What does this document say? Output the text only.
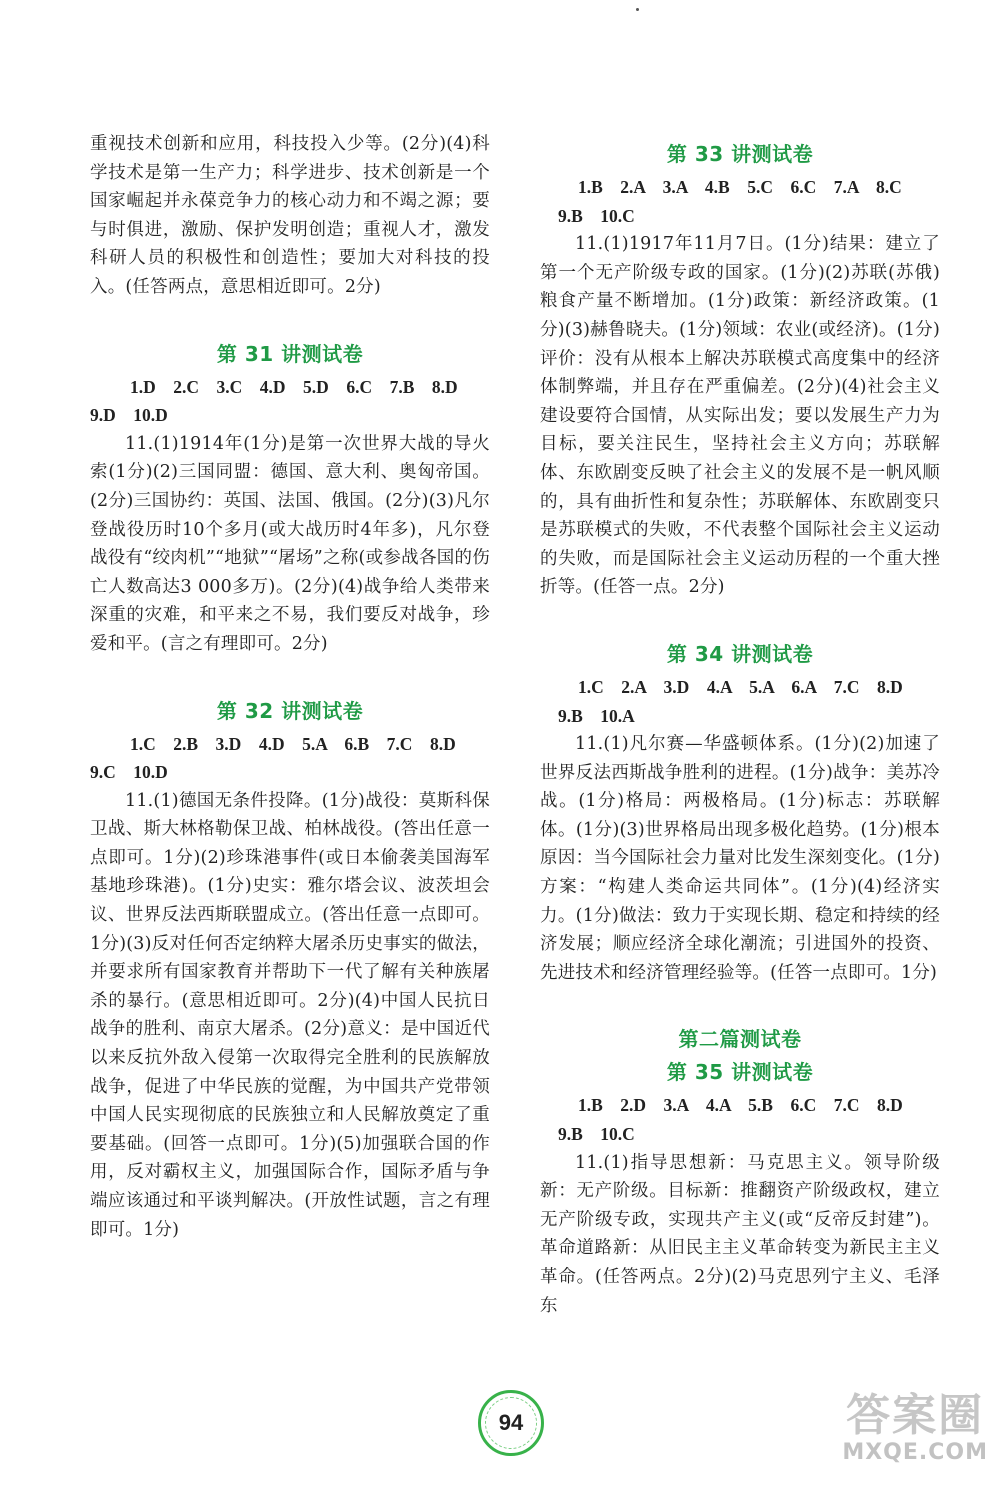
重视技术创新和应用，科技投入少等。(2分)(4)科学技术是第一生产力；科学进步、技术创新是一个国家崛起并永葆竞争力的核心动力和不竭之源；要与时俱进，激励、保护发明创造；重视人才，激发科研人员的积极性和创造性；要加大对科技的投入。(任答两点，意思相近即可。2分)

第 31 讲测试卷

1.D　2.C　3.C　4.D　5.D　6.C　7.B　8.D

9.D　10.D

11.(1)1914年(1分)是第一次世界大战的导火索(1分)(2)三国同盟：德国、意大利、奥匈帝国。(2分)三国协约：英国、法国、俄国。(2分)(3)凡尔登战役历时10个多月(或大战历时4年多)，凡尔登战役有“绞肉机”“地狱”“屠场”之称(或参战各国的伤亡人数高达3 000多万)。(2分)(4)战争给人类带来深重的灾难，和平来之不易，我们要反对战争，珍爱和平。(言之有理即可。2分)

第 32 讲测试卷

1.C　2.B　3.D　4.D　5.A　6.B　7.C　8.D

9.C　10.D

11.(1)德国无条件投降。(1分)战役：莫斯科保卫战、斯大林格勒保卫战、柏林战役。(答出任意一点即可。1分)(2)珍珠港事件(或日本偷袭美国海军基地珍珠港)。(1分)史实：雅尔塔会议、波茨坦会议、世界反法西斯联盟成立。(答出任意一点即可。1分)(3)反对任何否定纳粹大屠杀历史事实的做法，并要求所有国家教育并帮助下一代了解有关种族屠杀的暴行。(意思相近即可。2分)(4)中国人民抗日战争的胜利、南京大屠杀。(2分)意义：是中国近代以来反抗外敌入侵第一次取得完全胜利的民族解放战争，促进了中华民族的觉醒，为中国共产党带领中国人民实现彻底的民族独立和人民解放奠定了重要基础。(回答一点即可。1分)(5)加强联合国的作用，反对霸权主义，加强国际合作，国际矛盾与争端应该通过和平谈判解决。(开放性试题，言之有理即可。1分)

第 33 讲测试卷

1.B　2.A　3.A　4.B　5.C　6.C　7.A　8.C

9.B　10.C

11.(1)1917年11月7日。(1分)结果：建立了第一个无产阶级专政的国家。(1分)(2)苏联(苏俄)粮食产量不断增加。(1分)政策：新经济政策。(1分)(3)赫鲁晓夫。(1分)领域：农业(或经济)。(1分)评价：没有从根本上解决苏联模式高度集中的经济体制弊端，并且存在严重偏差。(2分)(4)社会主义建设要符合国情，从实际出发；要以发展生产力为目标，要关注民生，坚持社会主义方向；苏联解体、东欧剧变反映了社会主义的发展不是一帆风顺的，具有曲折性和复杂性；苏联解体、东欧剧变只是苏联模式的失败，不代表整个国际社会主义运动的失败，而是国际社会主义运动历程的一个重大挫折等。(任答一点。2分)

第 34 讲测试卷

1.C　2.A　3.D　4.A　5.A　6.A　7.C　8.D

9.B　10.A

11.(1)凡尔赛—华盛顿体系。(1分)(2)加速了世界反法西斯战争胜利的进程。(1分)战争：美苏冷战。(1分)格局：两极格局。(1分)标志：苏联解体。(1分)(3)世界格局出现多极化趋势。(1分)根本原因：当今国际社会力量对比发生深刻变化。(1分)方案：“构建人类命运共同体”。(1分)(4)经济实力。(1分)做法：致力于实现长期、稳定和持续的经济发展；顺应经济全球化潮流；引进国外的投资、先进技术和经济管理经验等。(任答一点即可。1分)

第二篇测试卷
第 35 讲测试卷

1.B　2.D　3.A　4.A　5.B　6.C　7.C　8.D

9.B　10.C

11.(1)指导思想新：马克思主义。领导阶级新：无产阶级。目标新：推翻资产阶级政权，建立无产阶级专政，实现共产主义(或“反帝反封建”)。革命道路新：从旧民主主义革命转变为新民主主义革命。(任答两点。2分)(2)马克思列宁主义、毛泽东

94	答案圈
MXQE.COM
